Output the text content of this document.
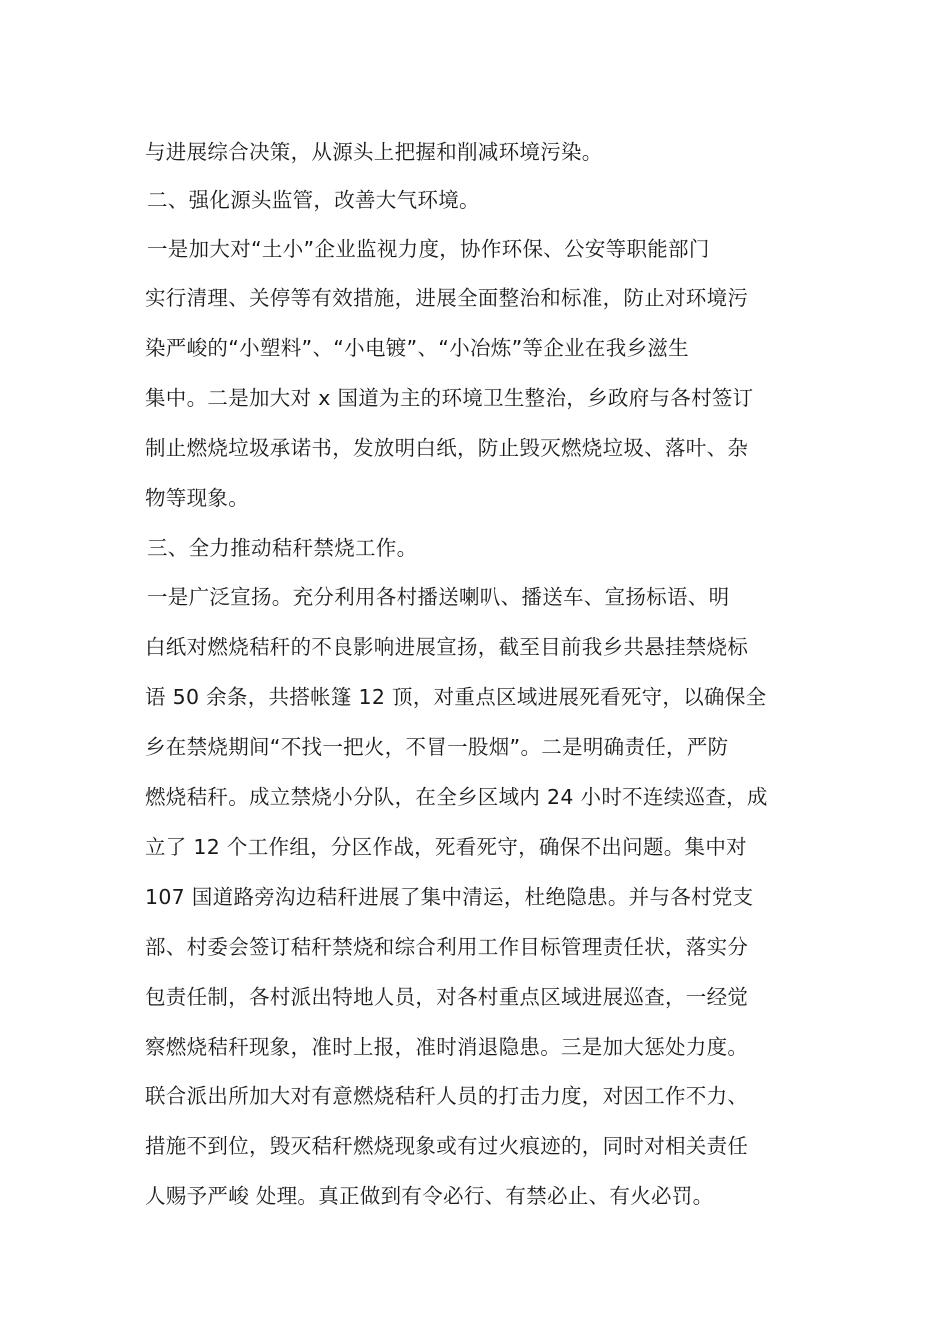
与进展综合决策，从源头上把握和削减环境污染。
二、强化源头监管，改善大气环境。
一是加大对“土小”企业监视力度，协作环保、公安等职能部门
实行清理、关停等有效措施，进展全面整治和标准，防止对环境污
染严峻的“小塑料”、“小电镀”、“小冶炼”等企业在我乡滋生
集中。二是加大对 x 国道为主的环境卫生整治，乡政府与各村签订
制止燃烧垃圾承诺书，发放明白纸，防止毁灭燃烧垃圾、落叶、杂
物等现象。
三、全力推动秸秆禁烧工作。
一是广泛宣扬。充分利用各村播送喇叭、播送车、宣扬标语、明
白纸对燃烧秸秆的不良影响进展宣扬，截至目前我乡共悬挂禁烧标
语 50 余条，共搭帐篷 12 顶，对重点区域进展死看死守，以确保全
乡在禁烧期间“不找一把火，不冒一股烟”。二是明确责任，严防
燃烧秸秆。成立禁烧小分队，在全乡区域内 24 小时不连续巡查，成
立了 12 个工作组，分区作战，死看死守，确保不出问题。集中对
107 国道路旁沟边秸秆进展了集中清运，杜绝隐患。并与各村党支
部、村委会签订秸秆禁烧和综合利用工作目标管理责任状，落实分
包责任制，各村派出特地人员，对各村重点区域进展巡查，一经觉
察燃烧秸秆现象，准时上报，准时消退隐患。三是加大惩处力度。
联合派出所加大对有意燃烧秸秆人员的打击力度，对因工作不力、
措施不到位，毁灭秸秆燃烧现象或有过火痕迹的，同时对相关责任
人赐予严峻 处理。真正做到有令必行、有禁必止、有火必罚。
